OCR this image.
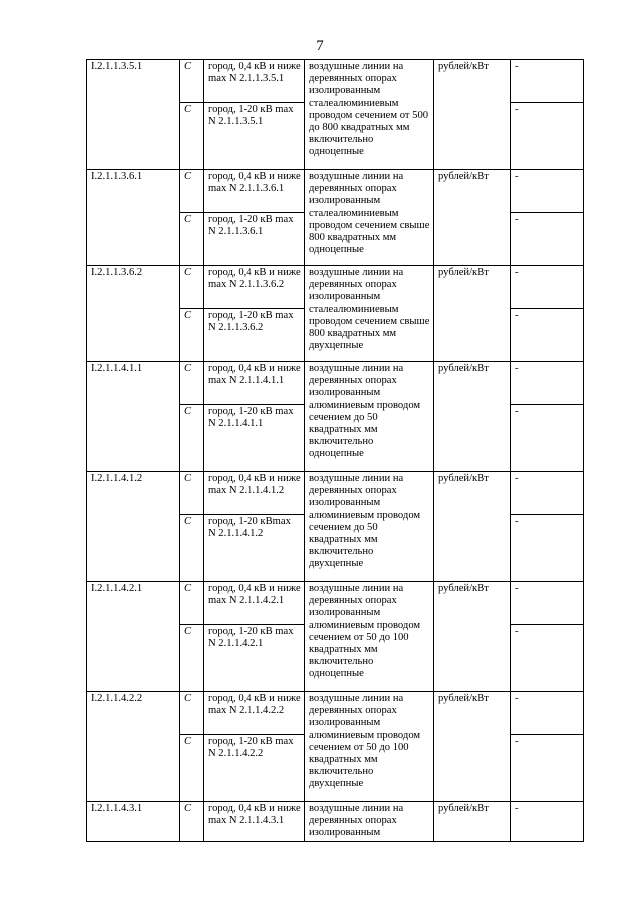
7
I.2.1.1.3.5.1	С	город, 0,4 кВ и ниже max N 2.1.1.3.5.1	воздушные линии на деревянных опорах изолированным сталеалюминиевым проводом сечением от 500 до 800 квадратных мм включительно одноцепные	рублей/кВт	-
	С	город, 1-20 кВ max N 2.1.1.3.5.1			-
I.2.1.1.3.6.1	С	город, 0,4 кВ и ниже max N 2.1.1.3.6.1	воздушные линии на деревянных опорах изолированным сталеалюминиевым проводом сечением свыше 800 квадратных мм одноцепные	рублей/кВт	-
	С	город, 1-20 кВ max N 2.1.1.3.6.1			-
I.2.1.1.3.6.2	С	город, 0,4 кВ и ниже max N 2.1.1.3.6.2	воздушные линии на деревянных опорах изолированным сталеалюминиевым проводом сечением свыше 800 квадратных мм двухцепные	рублей/кВт	-
	С	город, 1-20 кВ max N 2.1.1.3.6.2			-
I.2.1.1.4.1.1	С	город, 0,4 кВ и ниже max N 2.1.1.4.1.1	воздушные линии на деревянных опорах изолированным алюминиевым проводом сечением до 50 квадратных мм включительно одноцепные	рублей/кВт	-
	С	город, 1-20 кВ max N 2.1.1.4.1.1			-
I.2.1.1.4.1.2	С	город, 0,4 кВ и ниже max N 2.1.1.4.1.2	воздушные линии на деревянных опорах изолированным алюминиевым проводом сечением до 50 квадратных мм включительно двухцепные	рублей/кВт	-
	С	город, 1-20 кВmax N 2.1.1.4.1.2			-
I.2.1.1.4.2.1	С	город, 0,4 кВ и ниже max N 2.1.1.4.2.1	воздушные линии на деревянных опорах изолированным алюминиевым проводом сечением от 50 до 100 квадратных мм включительно одноцепные	рублей/кВт	-
	С	город, 1-20 кВ max N 2.1.1.4.2.1			-
I.2.1.1.4.2.2	С	город, 0,4 кВ и ниже max N 2.1.1.4.2.2	воздушные линии на деревянных опорах изолированным алюминиевым проводом сечением от 50 до 100 квадратных мм включительно двухцепные	рублей/кВт	-
	С	город, 1-20 кВ max N 2.1.1.4.2.2			-
I.2.1.1.4.3.1	С	город, 0,4 кВ и ниже max N 2.1.1.4.3.1	воздушные линии на деревянных опорах изолированным	рублей/кВт	-
